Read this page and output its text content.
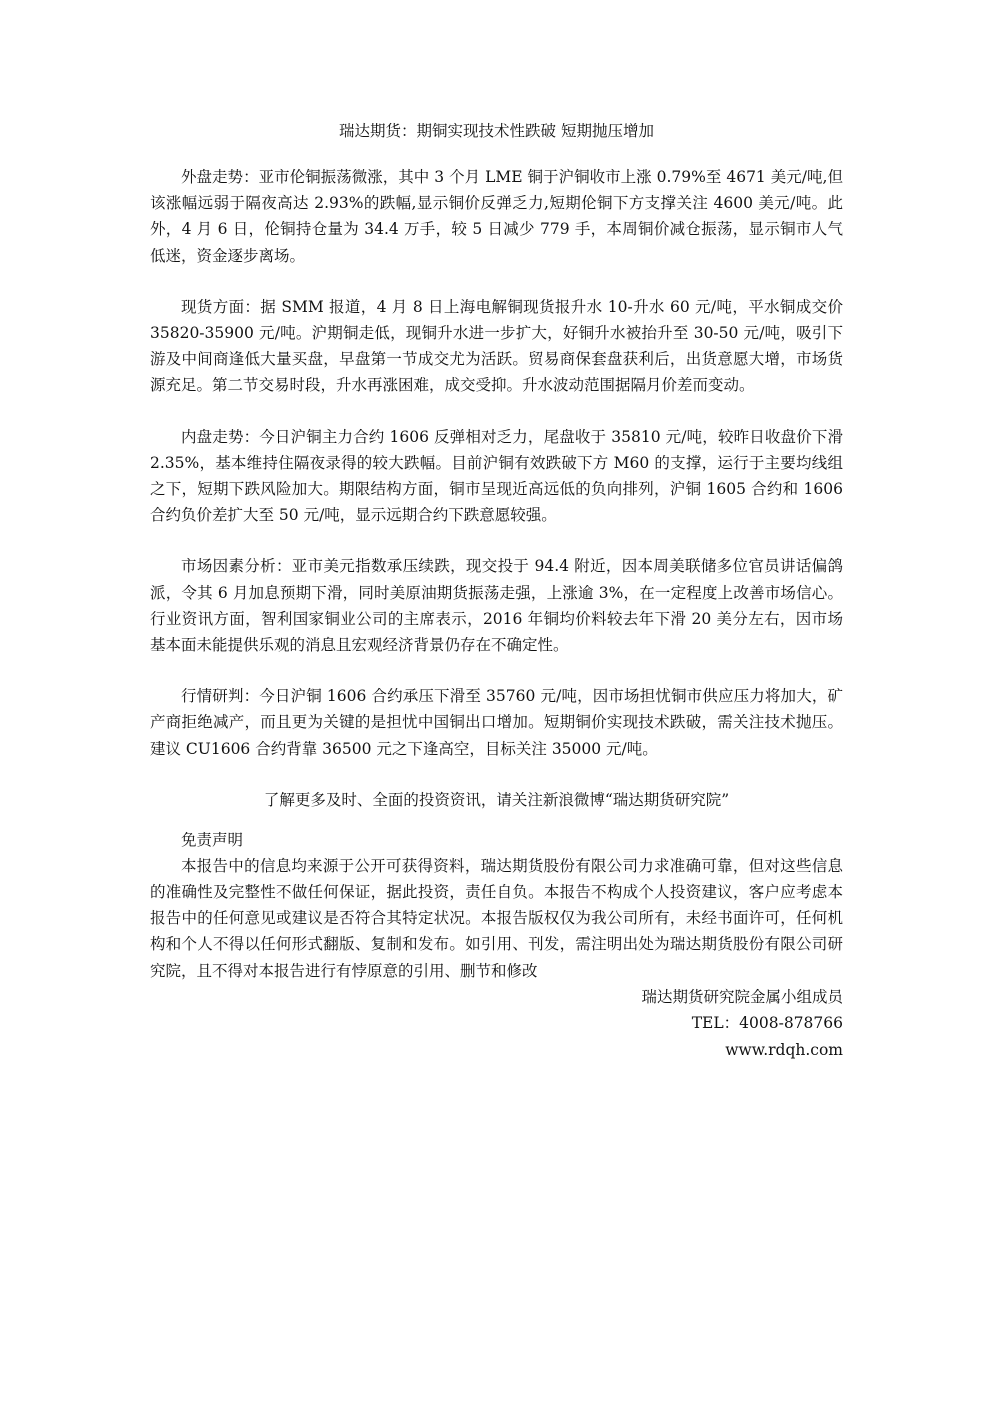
瑞达期货：期铜实现技术性跌破 短期抛压增加

外盘走势：亚市伦铜振荡微涨，其中 3 个月 LME 铜于沪铜收市上涨 0.79%至 4671 美元/吨,但该涨幅远弱于隔夜高达 2.93%的跌幅,显示铜价反弹乏力,短期伦铜下方支撑关注 4600 美元/吨。此外，4 月 6 日，伦铜持仓量为 34.4 万手，较 5 日减少 779 手，本周铜价减仓振荡，显示铜市人气低迷，资金逐步离场。

现货方面：据 SMM 报道，4 月 8 日上海电解铜现货报升水 10-升水 60 元/吨，平水铜成交价 35820-35900 元/吨。沪期铜走低，现铜升水进一步扩大，好铜升水被抬升至 30-50 元/吨，吸引下游及中间商逢低大量买盘，早盘第一节成交尤为活跃。贸易商保套盘获利后，出货意愿大增，市场货源充足。第二节交易时段，升水再涨困难，成交受抑。升水波动范围据隔月价差而变动。

内盘走势：今日沪铜主力合约 1606 反弹相对乏力，尾盘收于 35810 元/吨，较昨日收盘价下滑 2.35%，基本维持住隔夜录得的较大跌幅。目前沪铜有效跌破下方 M60 的支撑，运行于主要均线组之下，短期下跌风险加大。期限结构方面，铜市呈现近高远低的负向排列，沪铜 1605 合约和 1606 合约负价差扩大至 50 元/吨，显示远期合约下跌意愿较强。

市场因素分析：亚市美元指数承压续跌，现交投于 94.4 附近，因本周美联储多位官员讲话偏鸽派，令其 6 月加息预期下滑，同时美原油期货振荡走强，上涨逾 3%，在一定程度上改善市场信心。行业资讯方面，智利国家铜业公司的主席表示，2016 年铜均价料较去年下滑 20 美分左右，因市场基本面未能提供乐观的消息且宏观经济背景仍存在不确定性。

行情研判：今日沪铜 1606 合约承压下滑至 35760 元/吨，因市场担忧铜市供应压力将加大，矿产商拒绝减产，而且更为关键的是担忧中国铜出口增加。短期铜价实现技术跌破，需关注技术抛压。建议 CU1606 合约背靠 36500 元之下逢高空，目标关注 35000 元/吨。

了解更多及时、全面的投资资讯，请关注新浪微博“瑞达期货研究院”

免责声明

本报告中的信息均来源于公开可获得资料，瑞达期货股份有限公司力求准确可靠，但对这些信息的准确性及完整性不做任何保证，据此投资，责任自负。本报告不构成个人投资建议，客户应考虑本报告中的任何意见或建议是否符合其特定状况。本报告版权仅为我公司所有，未经书面许可，任何机构和个人不得以任何形式翻版、复制和发布。如引用、刊发，需注明出处为瑞达期货股份有限公司研究院，且不得对本报告进行有悖原意的引用、删节和修改

瑞达期货研究院金属小组成员

TEL：4008-878766

www.rdqh.com
